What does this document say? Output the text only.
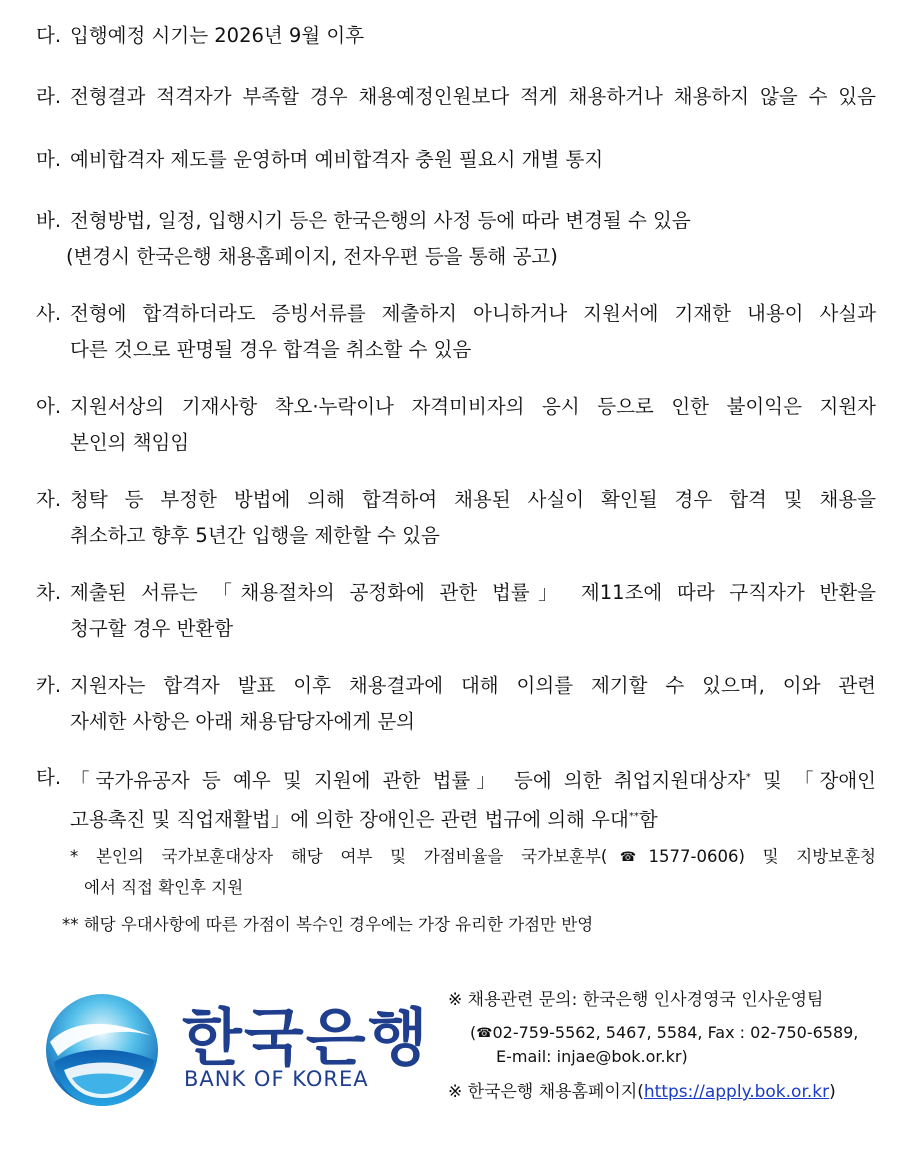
다. 입행예정 시기는 2026년 9월 이후
라. 전형결과 적격자가 부족할 경우 채용예정인원보다 적게 채용하거나 채용하지 않을 수 있음
마. 예비합격자 제도를 운영하며 예비합격자 충원 필요시 개별 통지
바. 전형방법, 일정, 입행시기 등은 한국은행의 사정 등에 따라 변경될 수 있음
(변경시 한국은행 채용홈페이지, 전자우편 등을 통해 공고)
사. 전형에 합격하더라도 증빙서류를 제출하지 아니하거나 지원서에 기재한 내용이 사실과
다른 것으로 판명될 경우 합격을 취소할 수 있음
아. 지원서상의 기재사항 착오·누락이나 자격미비자의 응시 등으로 인한 불이익은 지원자
본인의 책임임
자. 청탁 등 부정한 방법에 의해 합격하여 채용된 사실이 확인될 경우 합격 및 채용을
취소하고 향후 5년간 입행을 제한할 수 있음
차. 제출된 서류는 「채용절차의 공정화에 관한 법률」 제11조에 따라 구직자가 반환을
청구할 경우 반환함
카. 지원자는 합격자 발표 이후 채용결과에 대해 이의를 제기할 수 있으며, 이와 관련
자세한 사항은 아래 채용담당자에게 문의
타. 「국가유공자 등 예우 및 지원에 관한 법률」 등에 의한 취업지원대상자* 및 「장애인
고용촉진 및 직업재활법」에 의한 장애인은 관련 법규에 의해 우대**함
* 본인의 국가보훈대상자 해당 여부 및 가점비율을 국가보훈부(☎1577-0606) 및 지방보훈청
에서 직접 확인후 지원
** 해당 우대사항에 따른 가점이 복수인 경우에는 가장 유리한 가점만 반영
한국은행
BANK OF KOREA
※ 채용관련 문의: 한국은행 인사경영국 인사운영팀
(☎02-759-5562, 5467, 5584, Fax : 02-750-6589,
E-mail: injae@bok.or.kr)
※ 한국은행 채용홈페이지(https://apply.bok.or.kr)
